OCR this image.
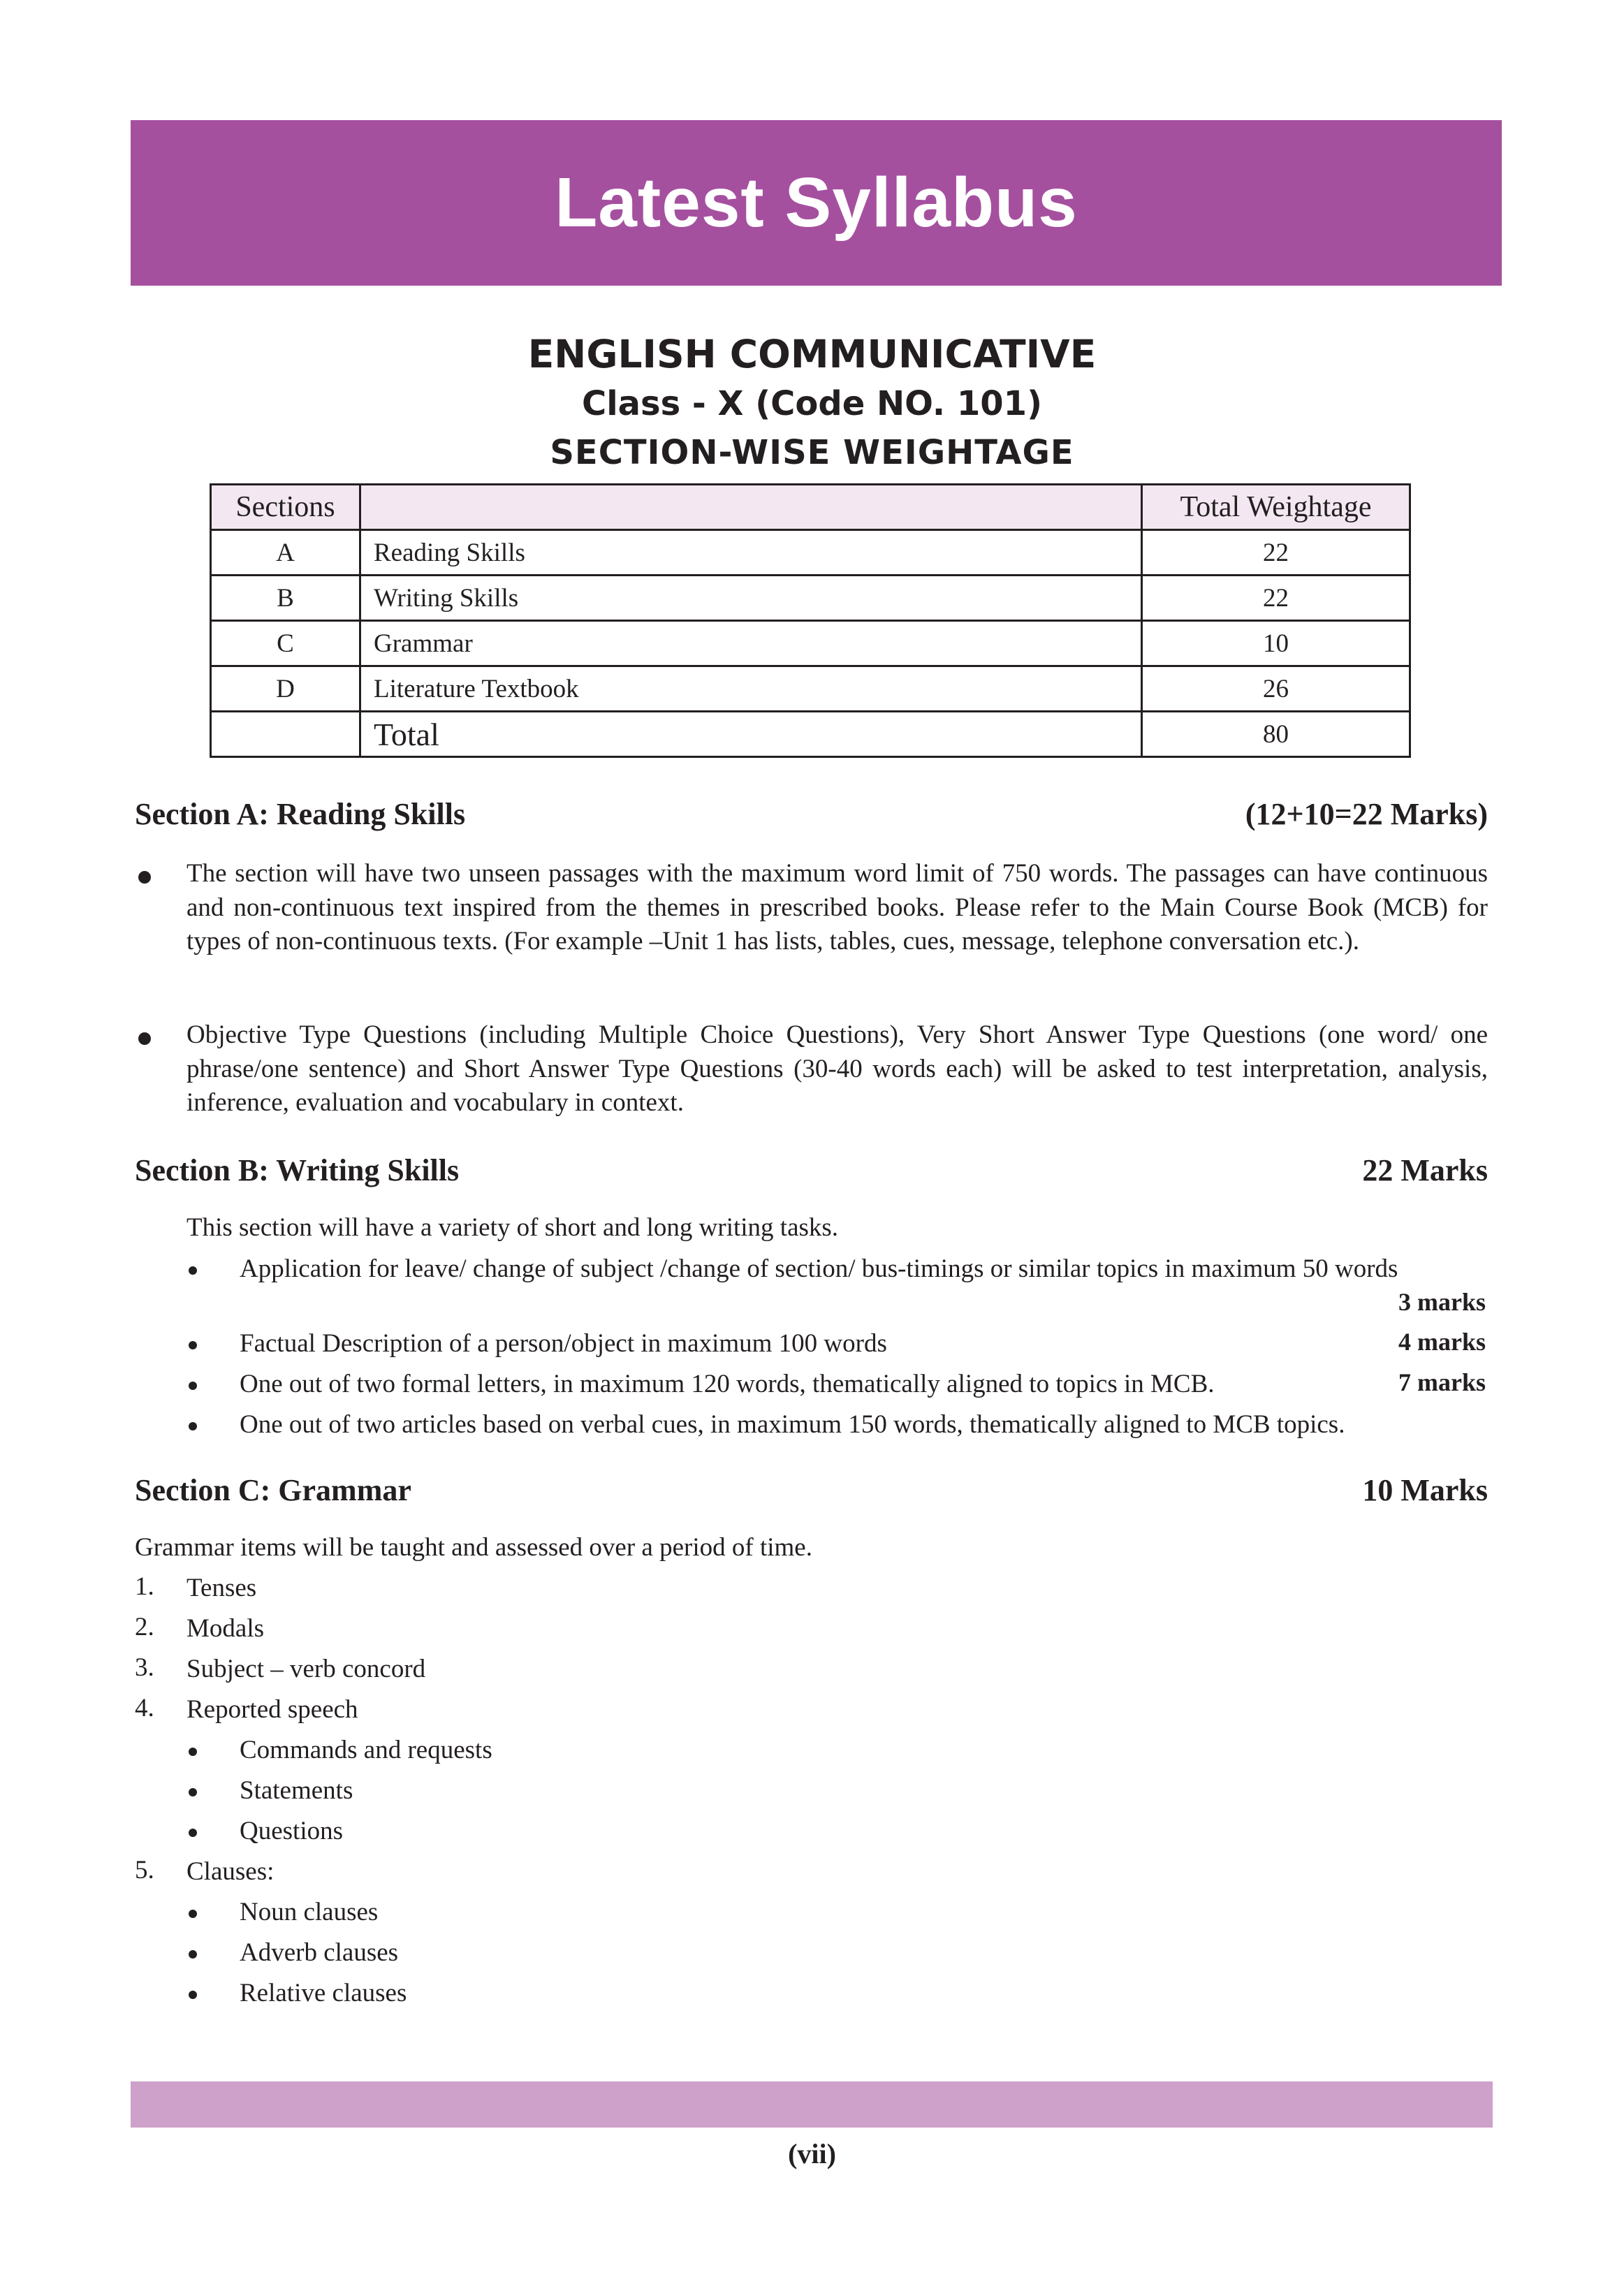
Latest Syllabus
ENGLISH COMMUNICATIVE
Class - X (Code NO. 101)
SECTION-WISE WEIGHTAGE
Sections		Total Weightage
A	Reading Skills	22
B	Writing Skills	22
C	Grammar	10
D	Literature Textbook	26
	Total	80
Section A: Reading Skills	(12+10=22 Marks)
The section will have two unseen passages with the maximum word limit of 750 words. The passages can have continuous and non-continuous text inspired from the themes in prescribed books. Please refer to the Main Course Book (MCB) for types of non-continuous texts. (For example –Unit 1 has lists, tables, cues, message, telephone conversation etc.).
Objective Type Questions (including Multiple Choice Questions), Very Short Answer Type Questions (one word/ one phrase/one sentence) and Short Answer Type Questions (30-40 words each) will be asked to test interpretation, analysis, inference, evaluation and vocabulary in context.
Section B: Writing Skills	22 Marks
This section will have a variety of short and long writing tasks.
Application for leave/ change of subject /change of section/ bus-timings or similar topics in maximum 50 words
3 marks
Factual Description of a person/object in maximum 100 words	4 marks
One out of two formal letters, in maximum 120 words, thematically aligned to topics in MCB.	7 marks
One out of two articles based on verbal cues, in maximum 150 words, thematically aligned to MCB topics.
Section C: Grammar	10 Marks
Grammar items will be taught and assessed over a period of time.
1. Tenses
2. Modals
3. Subject – verb concord
4. Reported speech
Commands and requests
Statements
Questions
5. Clauses:
Noun clauses
Adverb clauses
Relative clauses
(vii)
